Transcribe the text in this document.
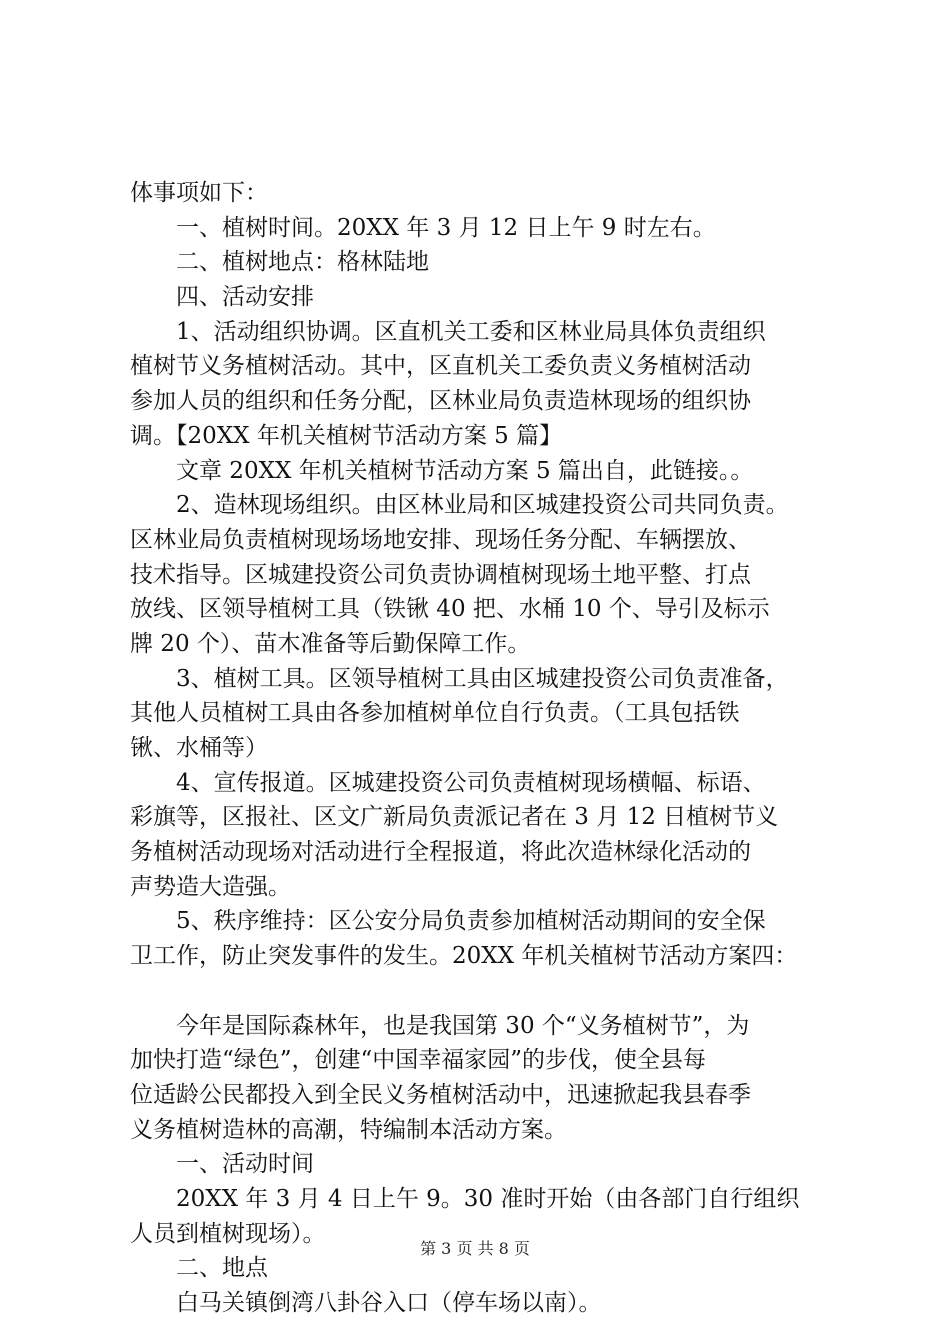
体事项如下：
　　一、植树时间。20XX 年 3 月 12 日上午 9 时左右。
　　二、植树地点：格林陆地
　　四、活动安排
　　1、活动组织协调。区直机关工委和区林业局具体负责组织
植树节义务植树活动。其中，区直机关工委负责义务植树活动
参加人员的组织和任务分配，区林业局负责造林现场的组织协
调。【20XX 年机关植树节活动方案 5 篇】
　　文章 20XX 年机关植树节活动方案 5 篇出自，此链接。。
　　2、造林现场组织。由区林业局和区城建投资公司共同负责。
区林业局负责植树现场场地安排、现场任务分配、车辆摆放、
技术指导。区城建投资公司负责协调植树现场土地平整、打点
放线、区领导植树工具（铁锹 40 把、水桶 10 个、导引及标示
牌 20 个）、苗木准备等后勤保障工作。
　　3、植树工具。区领导植树工具由区城建投资公司负责准备，
其他人员植树工具由各参加植树单位自行负责。（工具包括铁
锹、水桶等）
　　4、宣传报道。区城建投资公司负责植树现场横幅、标语、
彩旗等，区报社、区文广新局负责派记者在 3 月 12 日植树节义
务植树活动现场对活动进行全程报道，将此次造林绿化活动的
声势造大造强。
　　5、秩序维持：区公安分局负责参加植树活动期间的安全保
卫工作，防止突发事件的发生。20XX 年机关植树节活动方案四：
　　今年是国际森林年，也是我国第 30 个“义务植树节”，为
加快打造“绿色”，创建“中国幸福家园”的步伐，使全县每
位适龄公民都投入到全民义务植树活动中，迅速掀起我县春季
义务植树造林的高潮，特编制本活动方案。
　　一、活动时间
　　20XX 年 3 月 4 日上午 9。30 准时开始（由各部门自行组织
人员到植树现场）。
　　二、地点
　　白马关镇倒湾八卦谷入口（停车场以南）。
第 3 页 共 8 页
